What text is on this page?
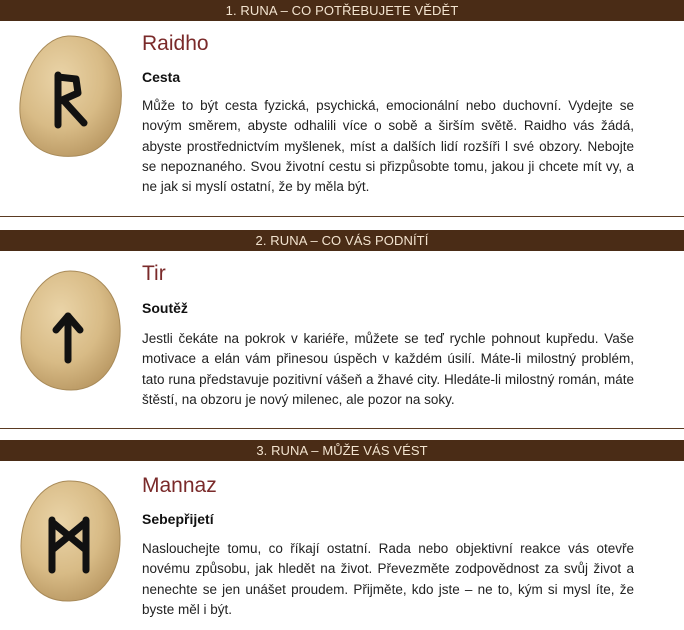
1. RUNA – CO POTŘEBUJETE VĚDĚT
Raidho
Cesta
Může to být cesta fyzická, psychická, emocionální nebo duchovní. Vydejte se novým směrem, abyste odhalili více o sobě a širším světě. Raidho vás žádá, abyste prostřednictvím myšlenek, míst a dalších lidí rozšíři l své obzory. Nebojte se nepoznaného. Svou životní cestu si přizpůsobte tomu, jakou ji chcete mít vy, a ne jak si myslí ostatní, že by měla být.
2. RUNA – CO VÁS PODNÍTÍ
Tir
Soutěž
Jestli čekáte na pokrok v kariéře, můžete se teď rychle pohnout kupředu. Vaše motivace a elán vám přinesou úspěch v každém úsilí. Máte-li milostný problém, tato runa představuje pozitivní vášeň a žhavé city. Hledáte-li milostný román, máte štěstí, na obzoru je nový milenec, ale pozor na soky.
3. RUNA – MŮŽE VÁS VÉST
Mannaz
Sebepřijetí
Naslouchejte tomu, co říkají ostatní. Rada nebo objektivní reakce vás otevře novému způsobu, jak hledět na život. Převezměte zodpovědnost za svůj život a nenechte se jen unášet proudem. Přijměte, kdo jste – ne to, kým si mysl íte, že byste měl i být.
